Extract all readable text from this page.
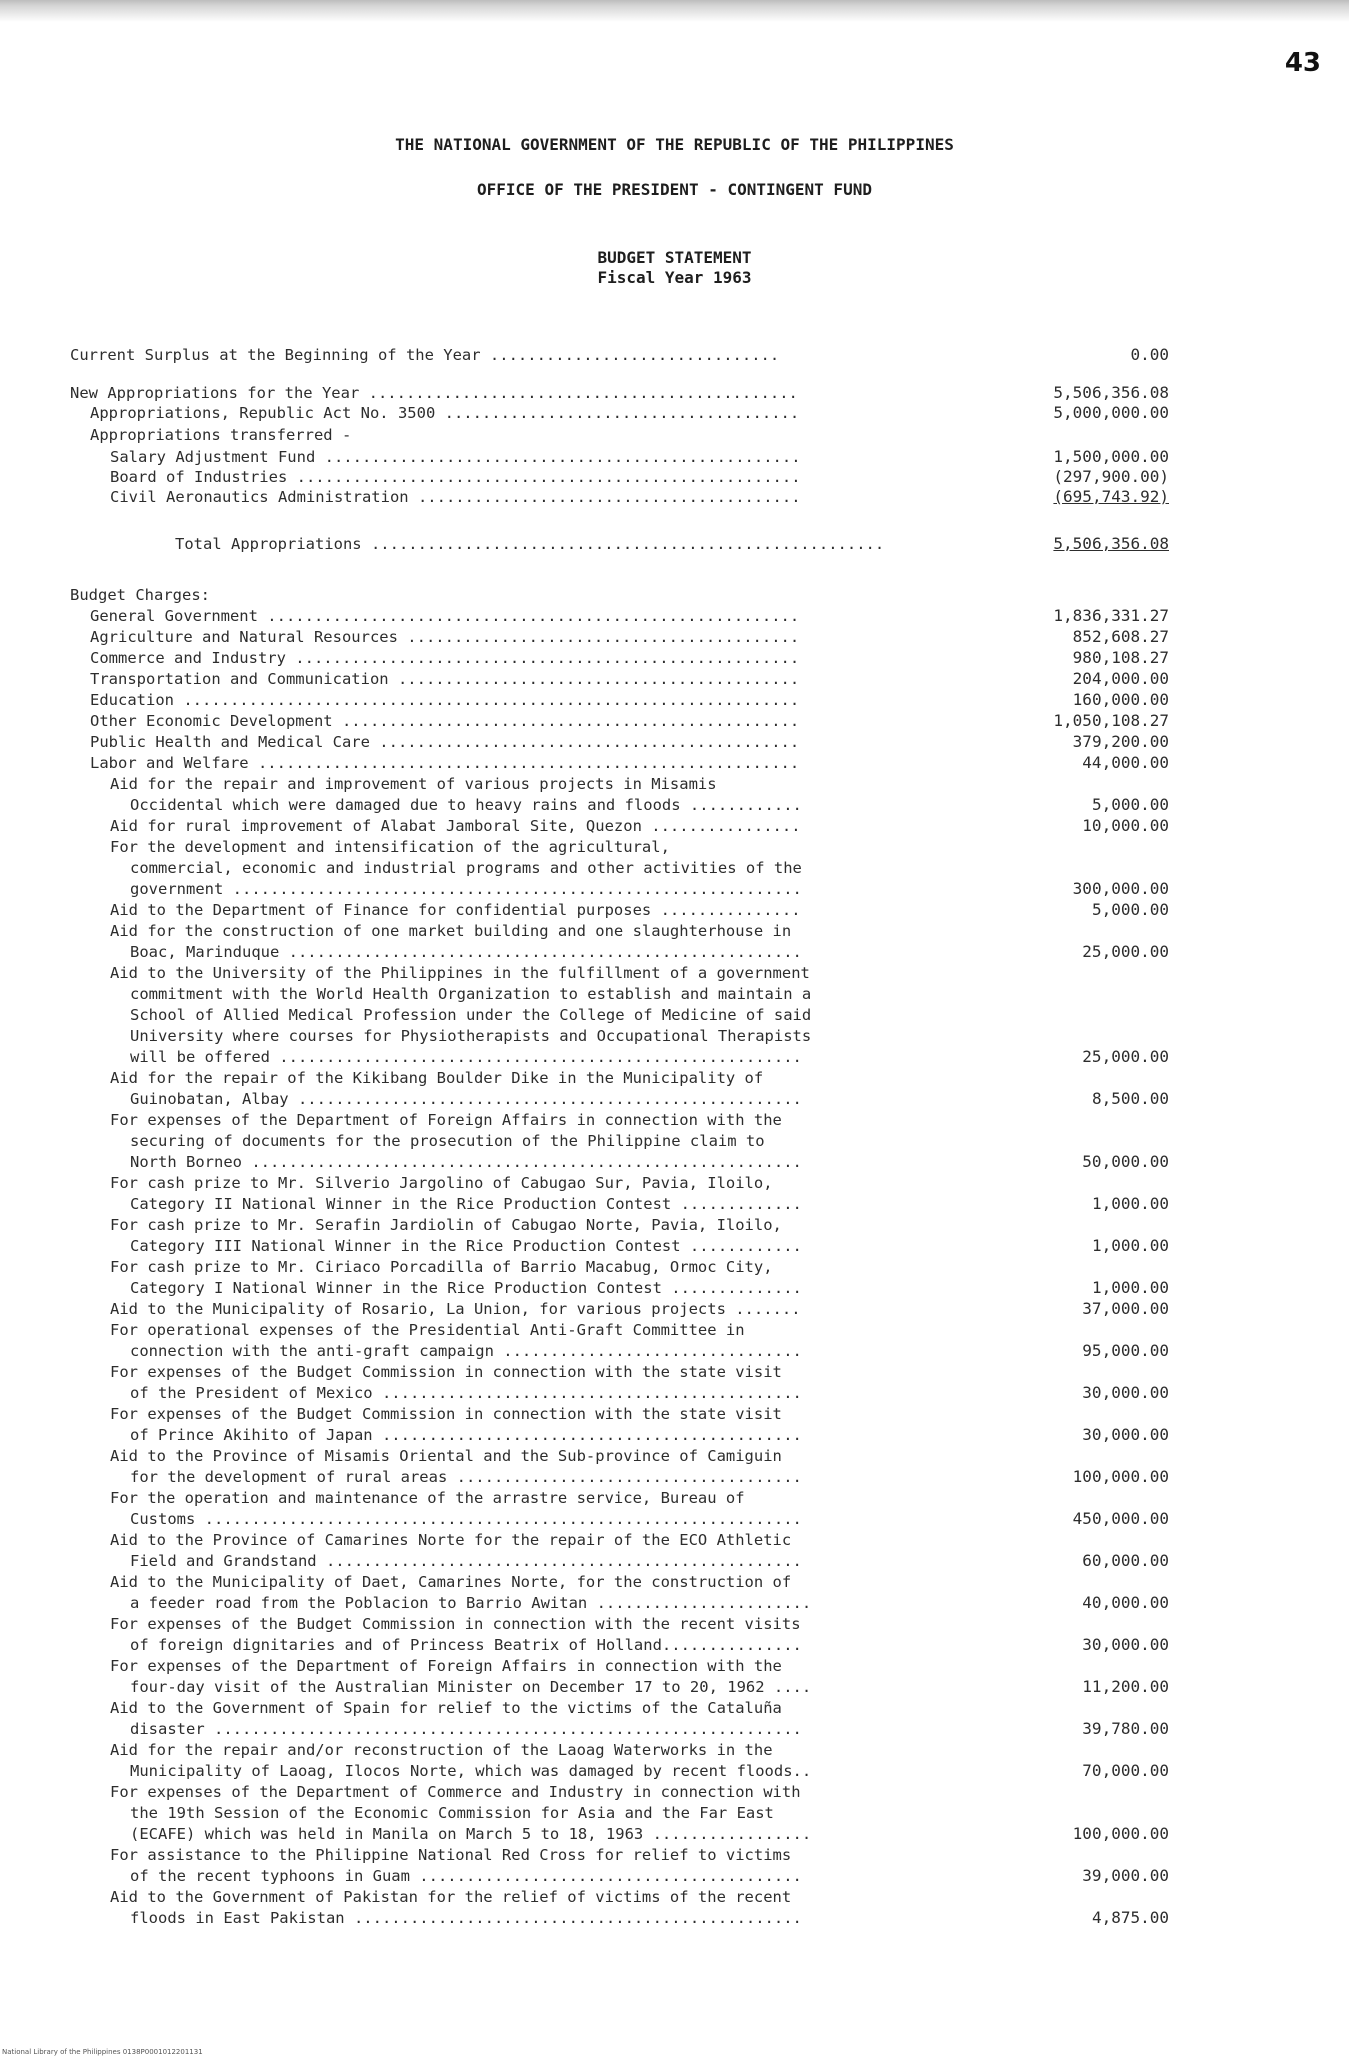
43
THE NATIONAL GOVERNMENT OF THE REPUBLIC OF THE PHILIPPINES
OFFICE OF THE PRESIDENT - CONTINGENT FUND
BUDGET STATEMENT
Fiscal Year 1963
Current Surplus at the Beginning of the Year ...............................	0.00
New Appropriations for the Year ..............................................	5,506,356.08
Appropriations, Republic Act No. 3500 ......................................	5,000,000.00
Appropriations transferred -
Salary Adjustment Fund ...................................................	1,500,000.00
Board of Industries ......................................................	(297,900.00)
Civil Aeronautics Administration .........................................	(695,743.92)
Total Appropriations .......................................................	5,506,356.08
Budget Charges:
General Government .........................................................	1,836,331.27
Agriculture and Natural Resources ..........................................	852,608.27
Commerce and Industry ......................................................	980,108.27
Transportation and Communication ...........................................	204,000.00
Education ..................................................................	160,000.00
Other Economic Development .................................................	1,050,108.27
Public Health and Medical Care .............................................	379,200.00
Labor and Welfare ..........................................................	44,000.00
Aid for the repair and improvement of various projects in Misamis
Occidental which were damaged due to heavy rains and floods ............	5,000.00
Aid for rural improvement of Alabat Jamboral Site, Quezon ................	10,000.00
For the development and intensification of the agricultural,
commercial, economic and industrial programs and other activities of the
government .............................................................	300,000.00
Aid to the Department of Finance for confidential purposes ...............	5,000.00
Aid for the construction of one market building and one slaughterhouse in
Boac, Marinduque .......................................................	25,000.00
Aid to the University of the Philippines in the fulfillment of a government
commitment with the World Health Organization to establish and maintain a
School of Allied Medical Profession under the College of Medicine of said
University where courses for Physiotherapists and Occupational Therapists
will be offered ........................................................	25,000.00
Aid for the repair of the Kikibang Boulder Dike in the Municipality of
Guinobatan, Albay ......................................................	8,500.00
For expenses of the Department of Foreign Affairs in connection with the
securing of documents for the prosecution of the Philippine claim to
North Borneo ...........................................................	50,000.00
For cash prize to Mr. Silverio Jargolino of Cabugao Sur, Pavia, Iloilo,
Category II National Winner in the Rice Production Contest .............	1,000.00
For cash prize to Mr. Serafin Jardiolin of Cabugao Norte, Pavia, Iloilo,
Category III National Winner in the Rice Production Contest ............	1,000.00
For cash prize to Mr. Ciriaco Porcadilla of Barrio Macabug, Ormoc City,
Category I National Winner in the Rice Production Contest ..............	1,000.00
Aid to the Municipality of Rosario, La Union, for various projects .......	37,000.00
For operational expenses of the Presidential Anti-Graft Committee in
connection with the anti-graft campaign ................................	95,000.00
For expenses of the Budget Commission in connection with the state visit
of the President of Mexico .............................................	30,000.00
For expenses of the Budget Commission in connection with the state visit
of Prince Akihito of Japan .............................................	30,000.00
Aid to the Province of Misamis Oriental and the Sub-province of Camiguin
for the development of rural areas .....................................	100,000.00
For the operation and maintenance of the arrastre service, Bureau of
Customs ................................................................	450,000.00
Aid to the Province of Camarines Norte for the repair of the ECO Athletic
Field and Grandstand ...................................................	60,000.00
Aid to the Municipality of Daet, Camarines Norte, for the construction of
a feeder road from the Poblacion to Barrio Awitan .......................	40,000.00
For expenses of the Budget Commission in connection with the recent visits
of foreign dignitaries and of Princess Beatrix of Holland...............	30,000.00
For expenses of the Department of Foreign Affairs in connection with the
four-day visit of the Australian Minister on December 17 to 20, 1962 ....	11,200.00
Aid to the Government of Spain for relief to the victims of the Cataluña
disaster ...............................................................	39,780.00
Aid for the repair and/or reconstruction of the Laoag Waterworks in the
Municipality of Laoag, Ilocos Norte, which was damaged by recent floods..	70,000.00
For expenses of the Department of Commerce and Industry in connection with
the 19th Session of the Economic Commission for Asia and the Far East
(ECAFE) which was held in Manila on March 5 to 18, 1963 .................	100,000.00
For assistance to the Philippine National Red Cross for relief to victims
of the recent typhoons in Guam .........................................	39,000.00
Aid to the Government of Pakistan for the relief of victims of the recent
floods in East Pakistan ................................................	4,875.00
National Library of the Philippines 0138P0001012201131
